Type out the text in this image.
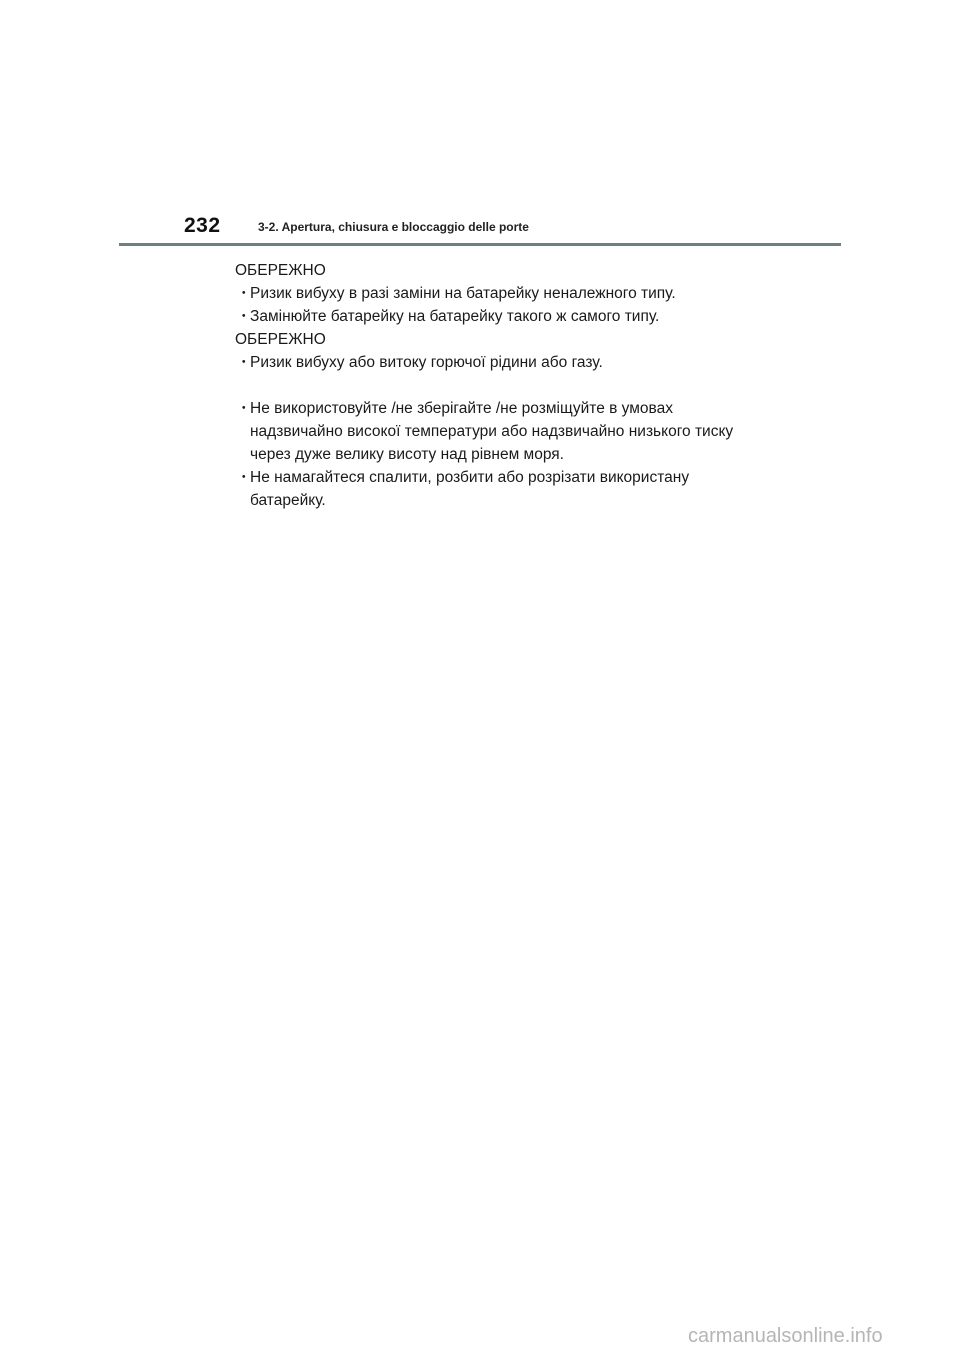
232	3-2. Apertura, chiusura e bloccaggio delle porte
ОБЕРЕЖНО
・
Ризик вибуху в разі заміни на батарейку неналежного типу.
・
Замінюйте батарейку на батарейку такого ж самого типу.
ОБЕРЕЖНО
・
Ризик вибуху або витоку горючої рідини або газу.
・
Не використовуйте /не зберігайте /не розміщуйте в умовах надзвичайно високої температури або надзвичайно низького тиску через дуже велику висоту над рівнем моря.
・
Не намагайтеся спалити, розбити або розрізати використану батарейку.
carmanualsonline.info
